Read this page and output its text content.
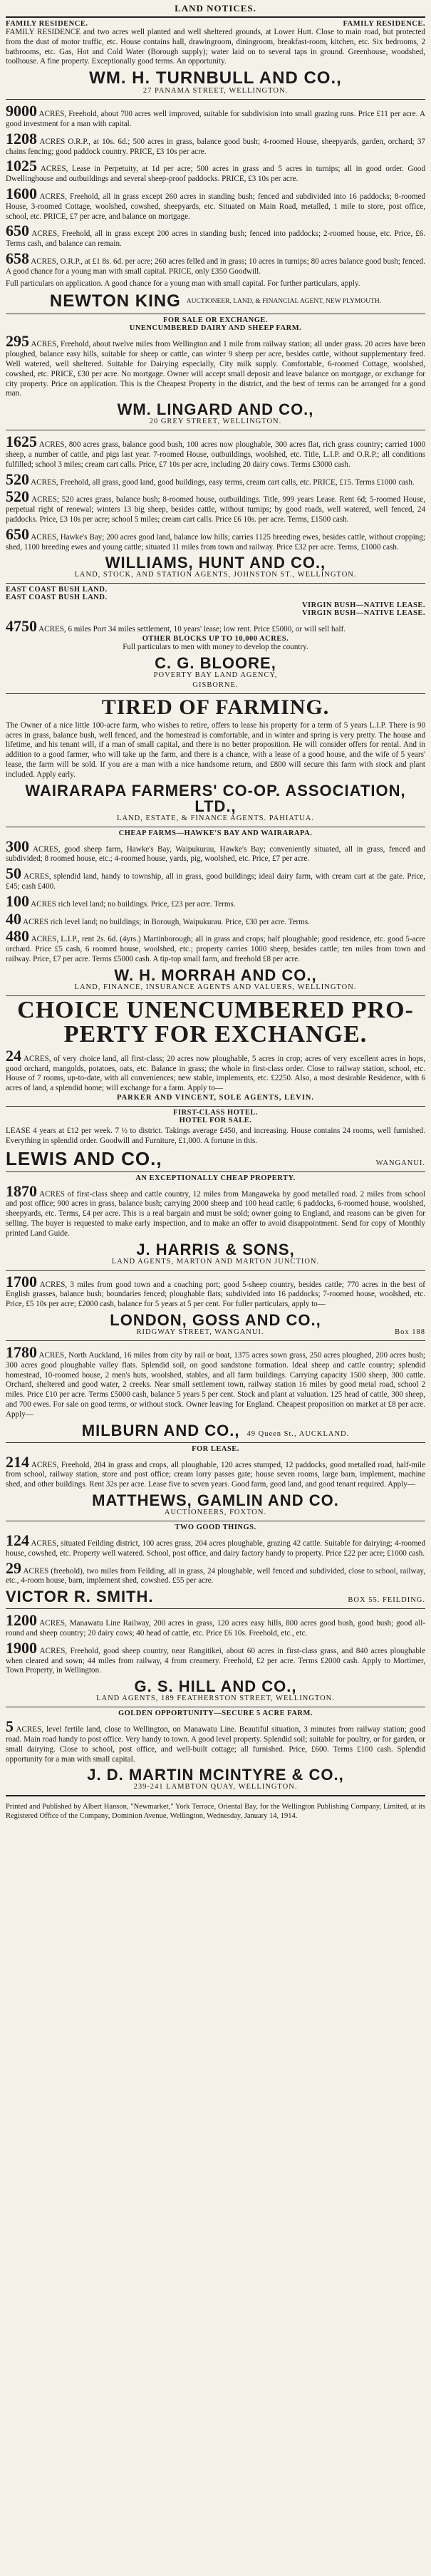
LAND NOTICES.
FAMILY RESIDENCE.	FAMILY RESIDENCE.

FAMILY RESIDENCE and two acres well planted and well sheltered grounds, at Lower Hutt. Close to main road, but protected from the dust of motor traffic, etc. House contains hall, drawingroom, diningroom, breakfast-room, kitchen, etc. Six bedrooms, 2 bathrooms, etc. Gas, Hot and Cold Water (Borough supply); water laid on to several taps in ground. Greenhouse, woodshed, toolhouse. A fine property. Exceptionally good terms. An opportunity.

WM. H. TURNBULL AND CO.,
27 PANAMA STREET, WELLINGTON.

9000 ACRES, Freehold, about 700 acres well improved, suitable for subdivision into small grazing runs. Price £11 per acre. A good investment for a man with capital.

1208 ACRES O.R.P., at 10s. 6d.; 500 acres in grass, balance good bush; 4-roomed House, sheepyards, garden, orchard; 37 chains fencing; good paddock country. PRICE, £3 10s per acre.

1025 ACRES, Lease in Perpetuity, at 1d per acre; 500 acres in grass and 5 acres in turnips; all in good order. Good Dwellinghouse and outbuildings and several sheep-proof paddocks. PRICE, £3 10s per acre.

1600 ACRES, Freehold, all in grass except 260 acres in standing bush; fenced and subdivided into 16 paddocks; 8-roomed House, 3-roomed Cottage, woolshed, cowshed, sheepyards, etc. Situated on Main Road, metalled, 1 mile to store, post office, school, etc. PRICE, £7 per acre, and balance on mortgage.

650 ACRES, Freehold, all in grass except 200 acres in standing bush; fenced into paddocks; 2-roomed house, etc. Price, £6. Terms cash, and balance can remain.

658 ACRES, O.R.P., at £1 8s. 6d. per acre; 260 acres felled and in grass; 10 acres in turnips; 80 acres balance good bush; fenced. A good chance for a young man with small capital. PRICE, only £350 Goodwill.

Full particulars on application. A good chance for a young man with small capital. For further particulars, apply.

NEWTON KING AUCTIONEER, LAND, & FINANCIAL AGENT, NEW PLYMOUTH.
FOR SALE OR EXCHANGE.
UNENCUMBERED DAIRY AND SHEEP FARM.

295 ACRES, Freehold, about twelve miles from Wellington and 1 mile from railway station; all under grass. 20 acres have been ploughed, balance easy hills, suitable for sheep or cattle, can winter 9 sheep per acre, besides cattle, without supplementary feed. Well watered, well sheltered. Suitable for Dairying especially, City milk supply. Comfortable, 6-roomed Cottage, woolshed, cowshed, etc. PRICE, £30 per acre. No mortgage. Owner will accept small deposit and leave balance on mortgage, or exchange for city property. Price on application. This is the Cheapest Property in the district, and the best of terms can be arranged for a good man.

WM. LINGARD AND CO.,
20 GREY STREET, WELLINGTON.

1625 ACRES, 800 acres grass, balance good bush, 100 acres now ploughable, 300 acres flat, rich grass country; carried 1000 sheep, a number of cattle, and pigs last year. 7-roomed House, outbuildings, woolshed, etc. Title, L.I.P. and O.R.P.; all conditions fulfilled; school 3 miles; cream cart calls. Price, £7 10s per acre, including 20 dairy cows. Terms £3000 cash.

520 ACRES, Freehold, all grass, good land, good buildings, easy terms, cream cart calls, etc. PRICE, £15. Terms £1000 cash.

520 ACRES; 520 acres grass, balance bush; 8-roomed house, outbuildings. Title, 999 years Lease. Rent 6d; 5-roomed House, perpetual right of renewal; winters 13 big sheep, besides cattle, without turnips; by good roads, well watered, well fenced, 24 paddocks. Price, £3 10s per acre; school 5 miles; cream cart calls. Price £6 10s. per acre. Terms, £1500 cash.

650 ACRES, Hawke's Bay; 200 acres good land, balance low hills; carries 1125 breeding ewes, besides cattle, without cropping; shed, 1100 breeding ewes and young cattle; situated 11 miles from town and railway. Price £32 per acre. Terms, £1000 cash.

WILLIAMS, HUNT AND CO.,
LAND, STOCK, AND STATION AGENTS, JOHNSTON ST., WELLINGTON.
EAST COAST BUSH LAND.
EAST COAST BUSH LAND.
VIRGIN BUSH—NATIVE LEASE.
VIRGIN BUSH—NATIVE LEASE.

4750 ACRES, 6 miles Port 34 miles settlement, 10 years' lease; low rent. Price £5000, or will sell half.

OTHER BLOCKS UP TO 10,000 ACRES.

Full particulars to men with money to develop the country.

C. G. BLOORE,
POVERTY BAY LAND AGENCY,
GISBORNE.
TIRED OF FARMING.

The Owner of a nice little 100-acre farm, who wishes to retire, offers to lease his property for a term of 5 years L.I.P. There is 90 acres in grass, balance bush, well fenced, and the homestead is comfortable, and in winter and spring is very pretty. The house and lifetime, and his tenant will, if a man of small capital, and there is no better proposition. He will consider offers for rental. And in addition to a good farmer, who will take up the farm, and there is a chance, with a lease of a good house, and the wife of 5 years' lease, the farm will be sold. If you are a man with a nice handsome return, and £800 will secure this farm with stock and plant included. Apply early.

WAIRARAPA FARMERS' CO-OP. ASSOCIATION, LTD.,
LAND, ESTATE, & FINANCE AGENTS. PAHIATUA.
CHEAP FARMS—HAWKE'S BAY AND WAIRARAPA.

300 ACRES, good sheep farm, Hawke's Bay, Waipukurau, Hawke's Bay; conveniently situated, all in grass, fenced and subdivided; 8 roomed house, etc.; 4-roomed house, yards, pig, woolshed, etc. Price, £7 per acre.

50 ACRES, splendid land, handy to township, all in grass, good buildings; ideal dairy farm, with cream cart at the gate. Price, £45; cash £400.

100 ACRES rich level land; no buildings. Price, £23 per acre. Terms.

40 ACRES rich level land; no buildings; in Borough, Waipukurau. Price, £30 per acre. Terms.

480 ACRES, L.I.P., rent 2s. 6d. (4yrs.) Martinborough; all in grass and crops; half ploughable; good residence, etc. good 5-acre orchard. Price £5 cash, 6 roomed house, woolshed, etc.; property carries 1000 sheep, besides cattle; ten miles from town and railway. Price, £7 per acre. Terms £5000 cash. A tip-top small farm, and freehold £8 per acre.

W. H. MORRAH AND CO.,
LAND, FINANCE, INSURANCE AGENTS AND VALUERS, WELLINGTON.
CHOICE UNENCUMBERED PRO-
PERTY FOR EXCHANGE.

24 ACRES, of very choice land, all first-class; 20 acres now ploughable, 5 acres in crop; acres of very excellent acres in hops, good orchard, mangolds, potatoes, oats, etc. Balance in grass; the whole in first-class order. Close to railway station, school, etc. House of 7 rooms, up-to-date, with all conveniences; new stable, implements, etc. £2250. Also, a most desirable Residence, with 6 acres of land, a splendid home; will exchange for a farm. Apply to—

PARKER AND VINCENT, SOLE AGENTS, LEVIN.
FIRST-CLASS HOTEL.
HOTEL FOR SALE.

LEASE 4 years at £12 per week. 7 ½ to district. Takings average £450, and increasing. House contains 24 rooms, well furnished. Everything in splendid order. Goodwill and Furniture, £1,000. A fortune in this.

LEWIS AND CO.,	WANGANUI.
AN EXCEPTIONALLY CHEAP PROPERTY.

1870 ACRES of first-class sheep and cattle country, 12 miles from Mangaweka by good metalled road. 2 miles from school and post office; 900 acres in grass, balance bush; carrying 2000 sheep and 100 head cattle; 6 paddocks, 6-roomed house, woolshed, sheepyards, etc. Terms, £4 per acre. This is a real bargain and must be sold; owner going to England, and reasons can be given for selling. The buyer is requested to make early inspection, and to make an offer to avoid disappointment. Send for copy of Monthly printed Land Guide.

J. HARRIS & SONS,
LAND AGENTS, MARTON AND MARTON JUNCTION.

1700 ACRES, 3 miles from good town and a coaching port; good 5-sheep country, besides cattle; 770 acres in the best of English grasses, balance bush; boundaries fenced; ploughable flats; subdivided into 16 paddocks; 7-roomed house, woolshed, etc. Price, £5 10s per acre; £2000 cash, balance for 5 years at 5 per cent. For fuller particulars, apply to—

LONDON, GOSS AND CO.,
RIDGWAY STREET, WANGANUI.	Box 188

1780 ACRES, North Auckland, 16 miles from city by rail or boat, 1375 acres sown grass, 250 acres ploughed, 200 acres bush; 300 acres good ploughable valley flats. Splendid soil, on good sandstone formation. Ideal sheep and cattle country; splendid homestead, 10-roomed house, 2 men's huts, woolshed, stables, and all farm buildings. Carrying capacity 1500 sheep, 300 cattle. Orchard, sheltered and good water, 2 creeks. Near small settlement town, railway station 16 miles by good metal road, school 2 miles. Price £10 per acre. Terms £5000 cash, balance 5 years 5 per cent. Stock and plant at valuation. 125 head of cattle, 300 sheep, and 700 ewes. For sale on good terms, or without stock. Owner leaving for England. Cheapest proposition on market at £8 per acre. Apply—

MILBURN AND CO., 49 Queen St., AUCKLAND.
FOR LEASE.

214 ACRES, Freehold, 204 in grass and crops, all ploughable, 120 acres stumped, 12 paddocks, good metalled road, half-mile from school, railway station, store and post office; cream lorry passes gate; house seven rooms, large barn, implement, machine shed, and other buildings. Rent 32s per acre. Lease five to seven years. Good farm, good land, and good tenant required. Apply—

MATTHEWS, GAMLIN AND CO.
AUCTIONEERS, FOXTON.
TWO GOOD THINGS.

124 ACRES, situated Feilding district, 100 acres grass, 204 acres ploughable, grazing 42 cattle. Suitable for dairying; 4-roomed house, cowshed, etc. Property well watered. School, post office, and dairy factory handy to property. Price £22 per acre; £1000 cash.

29 ACRES (freehold), two miles from Feilding, all in grass, 24 ploughable, well fenced and subdivided, close to school, railway, etc., 4-room house, barn, implement shed, cowshed. £55 per acre.

VICTOR R. SMITH.	BOX 55. FEILDING.

1200 ACRES, Manawatu Line Railway, 200 acres in grass, 120 acres easy hills, 800 acres good bush, good bush; good all-round and sheep country; 20 dairy cows; 40 head of cattle, etc. Price £6 10s. Freehold, etc., etc.

1900 ACRES, Freehold, good sheep country, near Rangitikei, about 60 acres in first-class grass, and 840 acres ploughable when cleared and sown; 44 miles from railway, 4 from creamery. Freehold, £2 per acre. Terms £2000 cash. Apply to Mortimer, Town Property, in Wellington.

G. S. HILL AND CO.,
LAND AGENTS, 189 FEATHERSTON STREET, WELLINGTON.
GOLDEN OPPORTUNITY—SECURE 5 ACRE FARM.

5 ACRES, level fertile land, close to Wellington, on Manawatu Line. Beautiful situation, 3 minutes from railway station; good road. Main road handy to post office. Very handy to town. A good level property. Splendid soil; suitable for poultry, or for garden, or small dairying. Close to school, post office, and well-built cottage; all furnished. Price, £600. Terms £100 cash. Splendid opportunity for a man with small capital.

J. D. MARTIN MCINTYRE & CO.,
239-241 LAMBTON QUAY, WELLINGTON.
Printed and Published by Albert Hanson, "Newmarket," York Terrace, Oriental Bay, for the Wellington Publishing Company, Limited, at its Registered Office of the Company, Dominion Avenue, Wellington, Wednesday, January 14, 1914.
